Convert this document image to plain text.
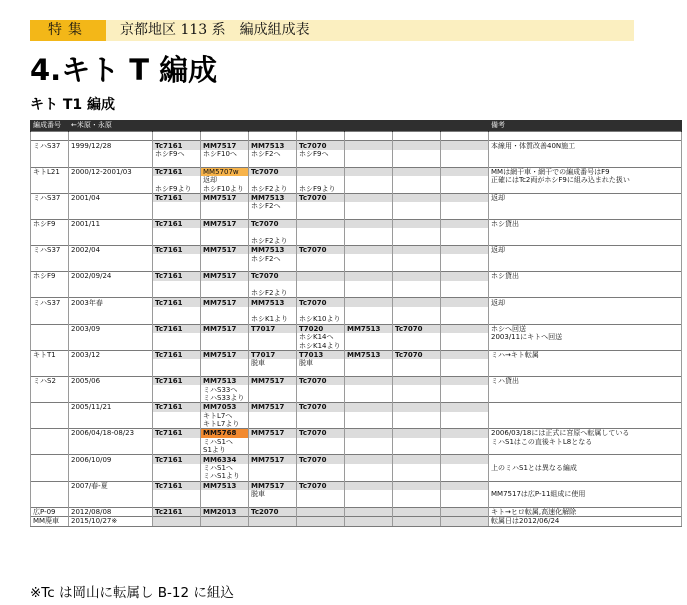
特集	京都地区 113 系　編成組成表
4.キト T 編成
キト T1 編成
編成番号	←米原・永原								備考

ミハS37	1999/12/28	Tc7161	MM7517	MM7513	Tc7070				本線用・体質改善40N施工
		ホシF9へ	ホシF10へ	ホシF2へ	ホシF9へ				

キトL21	2000/12-2001/03	Tc7161	MM5707w	Tc7070					MMは網干車・網干での編成番号はF9
			返却						正確にはTc2両がホシF9に組み込まれた扱い
		ホシF9より	ホシF10より	ホシF2より	ホシF9より				
ミハS37	2001/04	Tc7161	MM7517	MM7513	Tc7070				返却
				ホシF2へ					

ホシF9	2001/11	Tc7161	MM7517	Tc7070					ホシ貸出

				ホシF2より					
ミハS37	2002/04	Tc7161	MM7517	MM7513	Tc7070				返却
				ホシF2へ					

ホシF9	2002/09/24	Tc7161	MM7517	Tc7070					ホシ貸出

				ホシF2より					
ミハS37	2003年春	Tc7161	MM7517	MM7513	Tc7070				返却

				ホシK1より	ホシK10より				
	2003/09	Tc7161	MM7517	T7017	T7020	MM7513	Tc7070		ホシへ回送
					ホシK14へ				2003/11にキトへ回送
					ホシK14より				
キトT1	2003/12	Tc7161	MM7517	T7017	T7013	MM7513	Tc7070		ミハ→キト転属
				脱車	脱車				

ミハS2	2005/06	Tc7161	MM7513	MM7517	Tc7070				ミハ貸出
			ミハS33へ						
			ミハS33より						
	2005/11/21	Tc7161	MM7053	MM7517	Tc7070				
			キトL7へ						
			キトL7より						
	2006/04/18-08/23	Tc7161	MM5768	MM7517	Tc7070				2006/03/18には正式に宮原へ転属している
			ミハS1へ						ミハS1はこの直後キトL8となる
			S1より						
	2006/10/09	Tc7161	MM6334	MM7517	Tc7070				
			ミハS1へ						上のミハS1とは異なる編成
			ミハS1より						
	2007/春-夏	Tc7161	MM7513	MM7517	Tc7070				
				脱車					MM7517は広P-11組成に使用

広P-09	2012/08/08	Tc2161	MM2013	Tc2070					キト→ヒロ転属,高速化解除
MM廃車	2015/10/27※								転属日は2012/06/24
※Tc は岡山に転属し B-12 に組込
